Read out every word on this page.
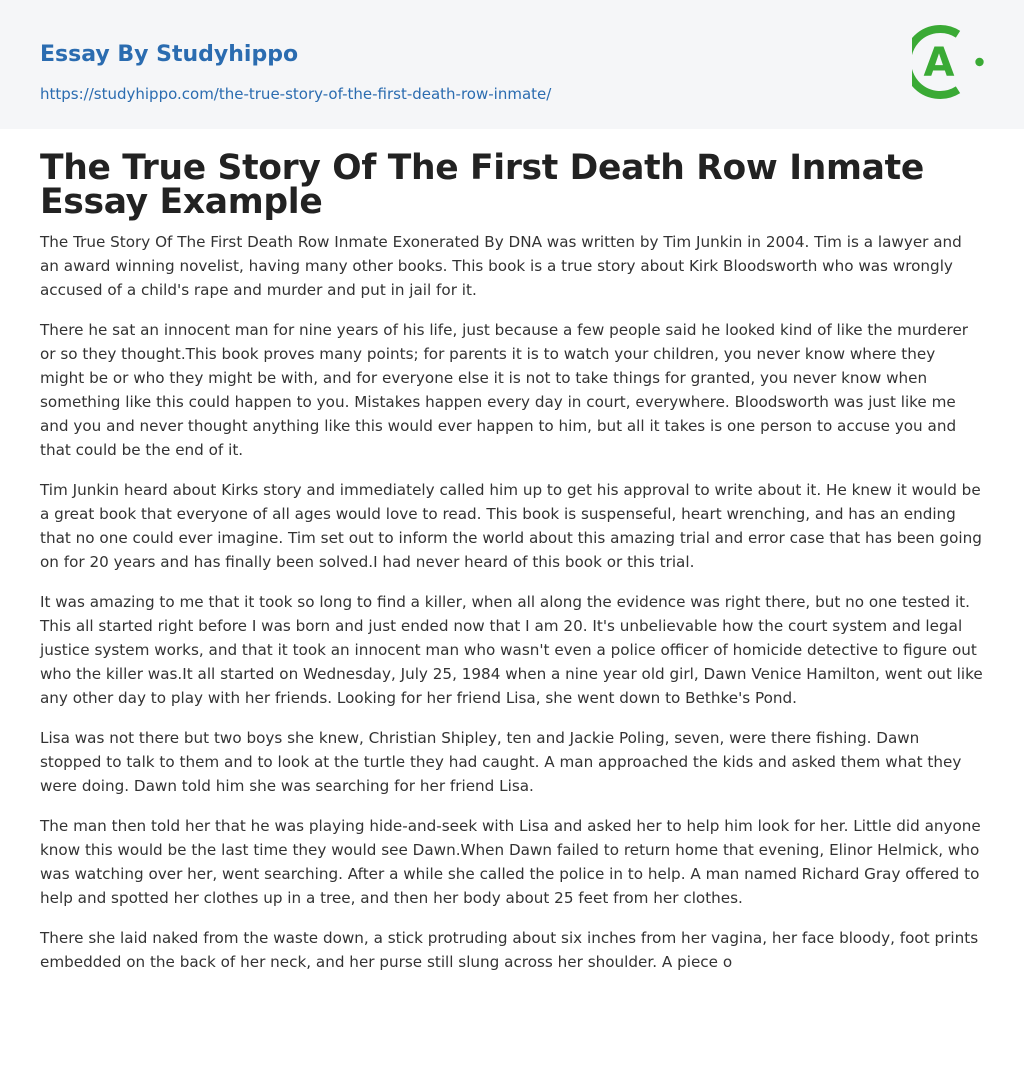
Essay By Studyhippo
https://studyhippo.com/the-true-story-of-the-first-death-row-inmate/
A
The True Story Of The First Death Row Inmate Essay Example

The True Story Of The First Death Row Inmate Exonerated By DNA was written by Tim Junkin in 2004. Tim is a lawyer and an award winning novelist, having many other books. This book is a true story about Kirk Bloodsworth who was wrongly accused of a child's rape and murder and put in jail for it.

There he sat an innocent man for nine years of his life, just because a few people said he looked kind of like the murderer or so they thought.This book proves many points; for parents it is to watch your children, you never know where they might be or who they might be with, and for everyone else it is not to take things for granted, you never know when something like this could happen to you. Mistakes happen every day in court, everywhere. Bloodsworth was just like me and you and never thought anything like this would ever happen to him, but all it takes is one person to accuse you and that could be the end of it.

Tim Junkin heard about Kirks story and immediately called him up to get his approval to write about it. He knew it would be a great book that everyone of all ages would love to read. This book is suspenseful, heart wrenching, and has an ending that no one could ever imagine. Tim set out to inform the world about this amazing trial and error case that has been going on for 20 years and has finally been solved.I had never heard of this book or this trial.

It was amazing to me that it took so long to find a killer, when all along the evidence was right there, but no one tested it. This all started right before I was born and just ended now that I am 20. It's unbelievable how the court system and legal justice system works, and that it took an innocent man who wasn't even a police officer of homicide detective to figure out who the killer was.It all started on Wednesday, July 25, 1984 when a nine year old girl, Dawn Venice Hamilton, went out like any other day to play with her friends. Looking for her friend Lisa, she went down to Bethke's Pond.

Lisa was not there but two boys she knew, Christian Shipley, ten and Jackie Poling, seven, were there fishing. Dawn stopped to talk to them and to look at the turtle they had caught. A man approached the kids and asked them what they were doing. Dawn told him she was searching for her friend Lisa.

The man then told her that he was playing hide-and-seek with Lisa and asked her to help him look for her. Little did anyone know this would be the last time they would see Dawn.When Dawn failed to return home that evening, Elinor Helmick, who was watching over her, went searching. After a while she called the police in to help. A man named Richard Gray offered to help and spotted her clothes up in a tree, and then her body about 25 feet from her clothes.

There she laid naked from the waste down, a stick protruding about six inches from her vagina, her face bloody, foot prints embedded on the back of her neck, and her purse still slung across her shoulder. A piece o
